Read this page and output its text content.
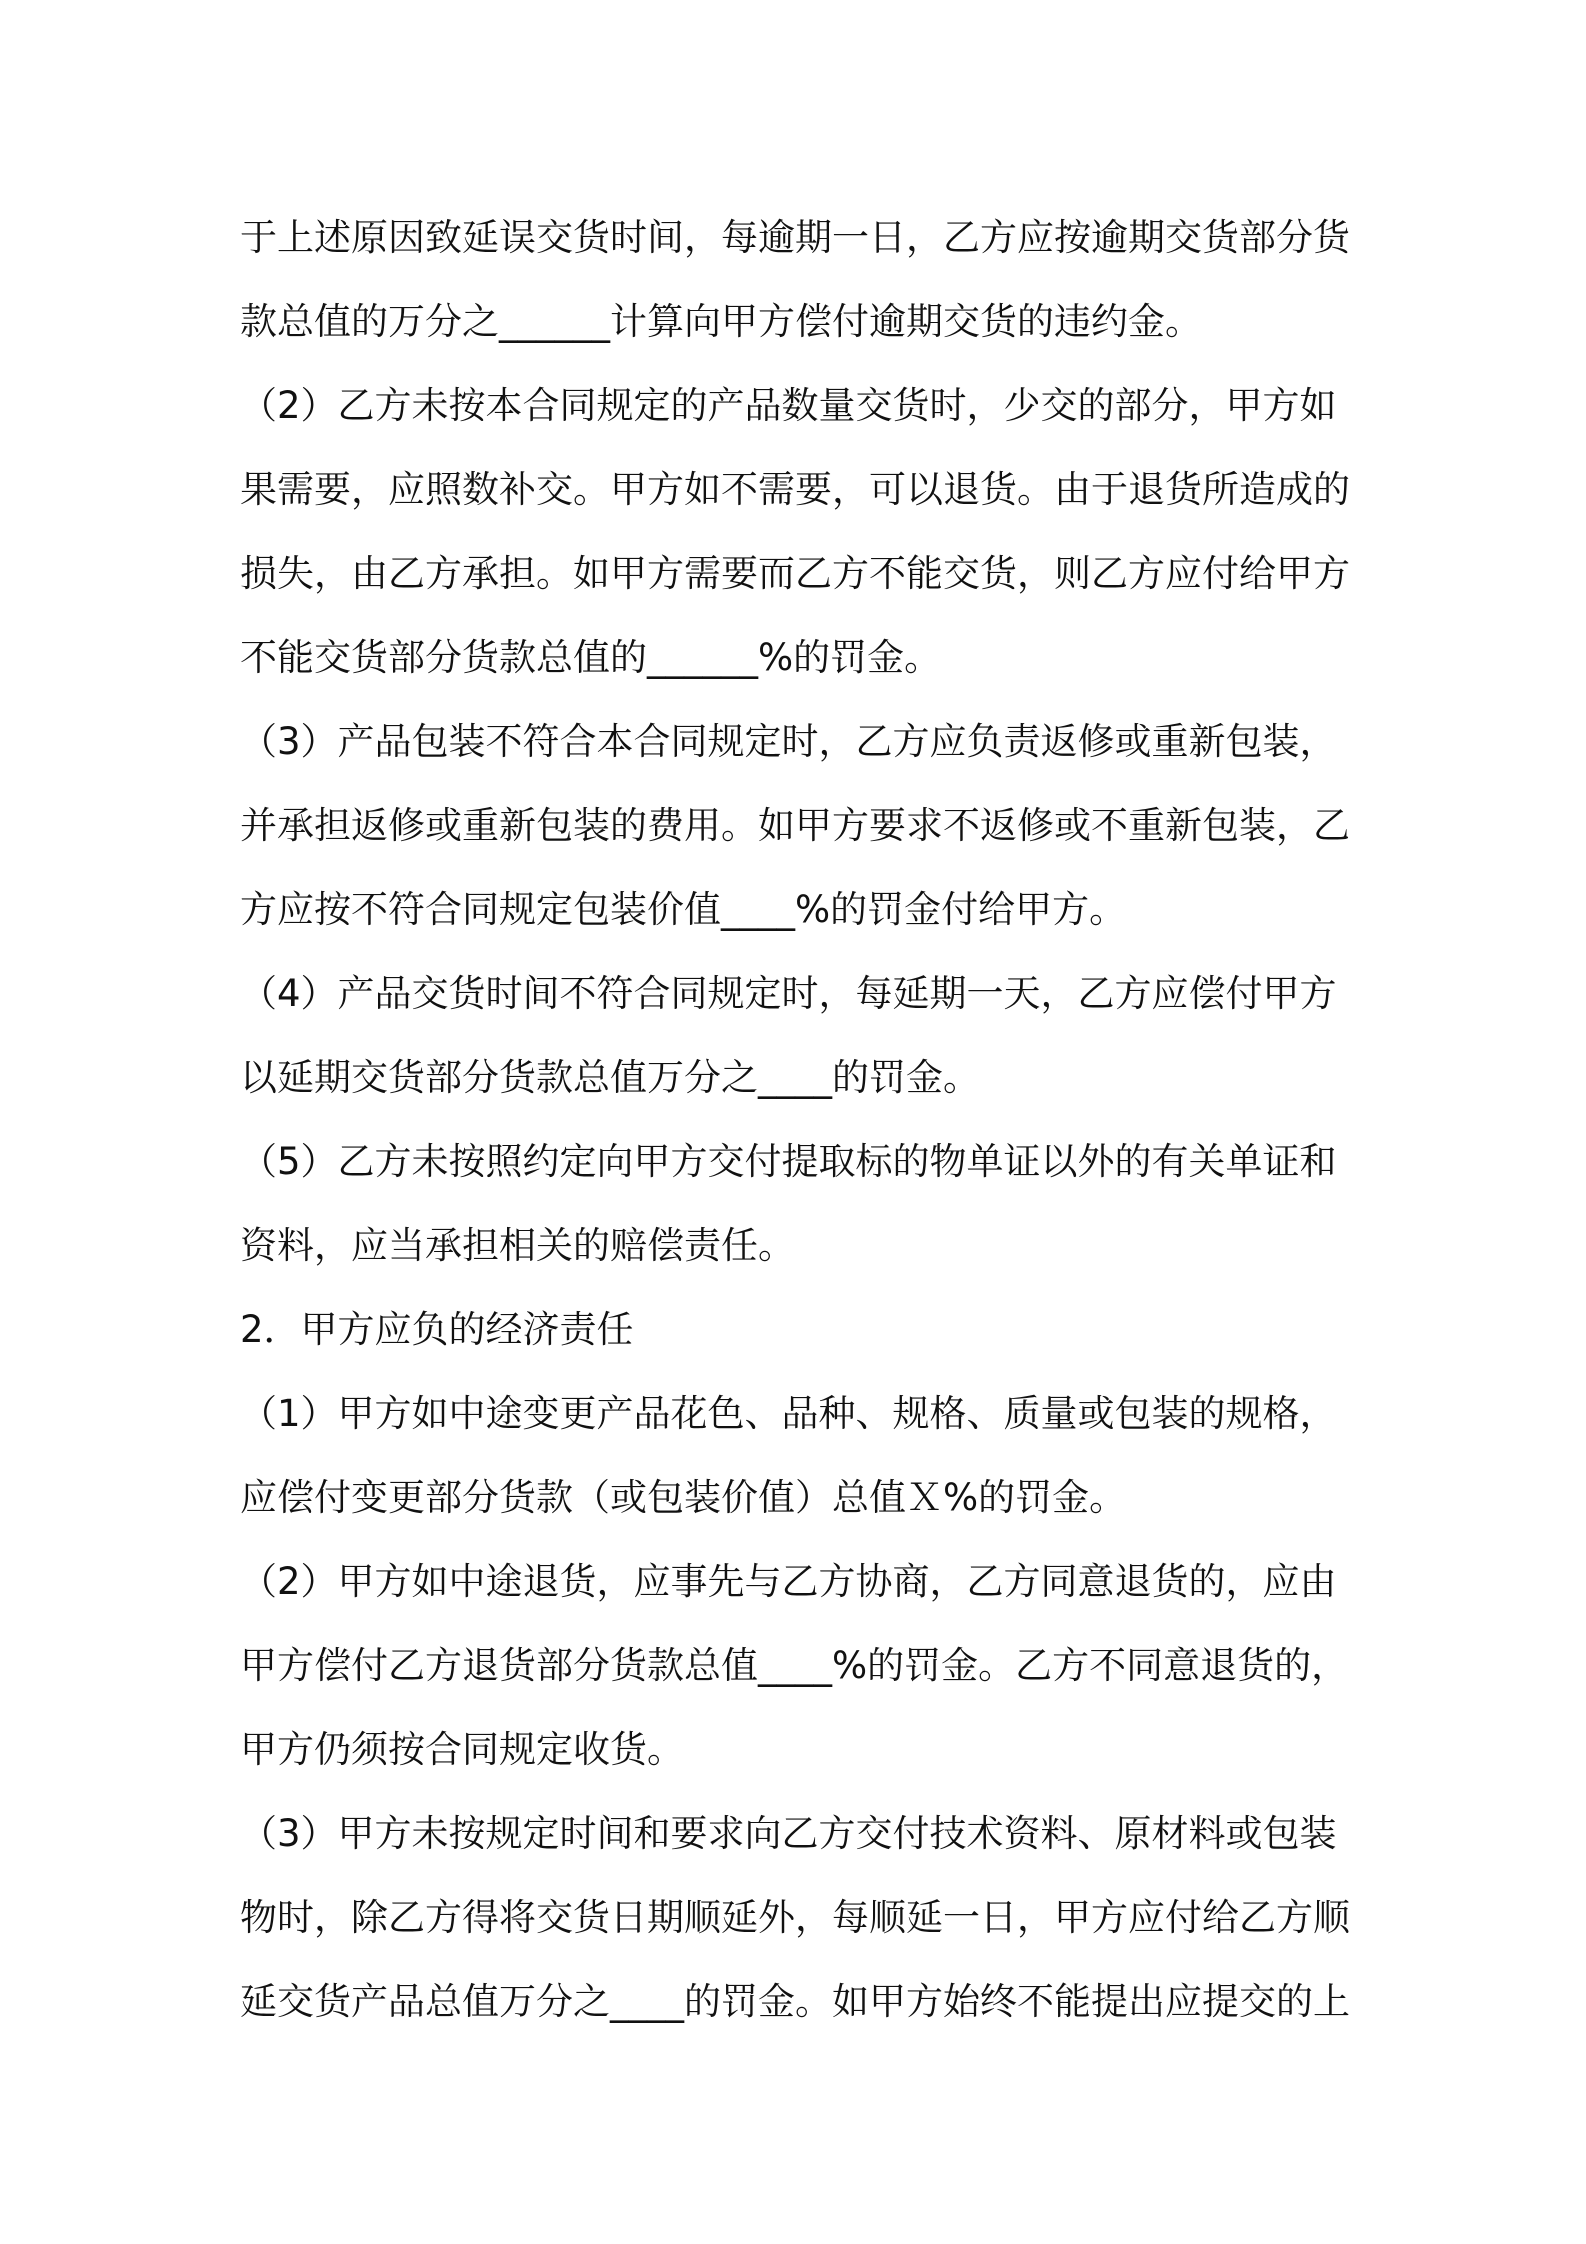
于上述原因致延误交货时间，每逾期一日，乙方应按逾期交货部分货款总值的万分之______计算向甲方偿付逾期交货的违约金。

（2）乙方未按本合同规定的产品数量交货时，少交的部分，甲方如果需要，应照数补交。甲方如不需要，可以退货。由于退货所造成的损失，由乙方承担。如甲方需要而乙方不能交货，则乙方应付给甲方不能交货部分货款总值的______%的罚金。

（3）产品包装不符合本合同规定时，乙方应负责返修或重新包装，并承担返修或重新包装的费用。如甲方要求不返修或不重新包装，乙方应按不符合同规定包装价值____%的罚金付给甲方。

（4）产品交货时间不符合同规定时，每延期一天，乙方应偿付甲方以延期交货部分货款总值万分之____的罚金。

（5）乙方未按照约定向甲方交付提取标的物单证以外的有关单证和资料，应当承担相关的赔偿责任。

2．甲方应负的经济责任

（1）甲方如中途变更产品花色、品种、规格、质量或包装的规格，应偿付变更部分货款（或包装价值）总值Ｘ%的罚金。

（2）甲方如中途退货，应事先与乙方协商，乙方同意退货的，应由甲方偿付乙方退货部分货款总值____%的罚金。乙方不同意退货的，甲方仍须按合同规定收货。

（3）甲方未按规定时间和要求向乙方交付技术资料、原材料或包装物时，除乙方得将交货日期顺延外，每顺延一日，甲方应付给乙方顺延交货产品总值万分之____的罚金。如甲方始终不能提出应提交的上
